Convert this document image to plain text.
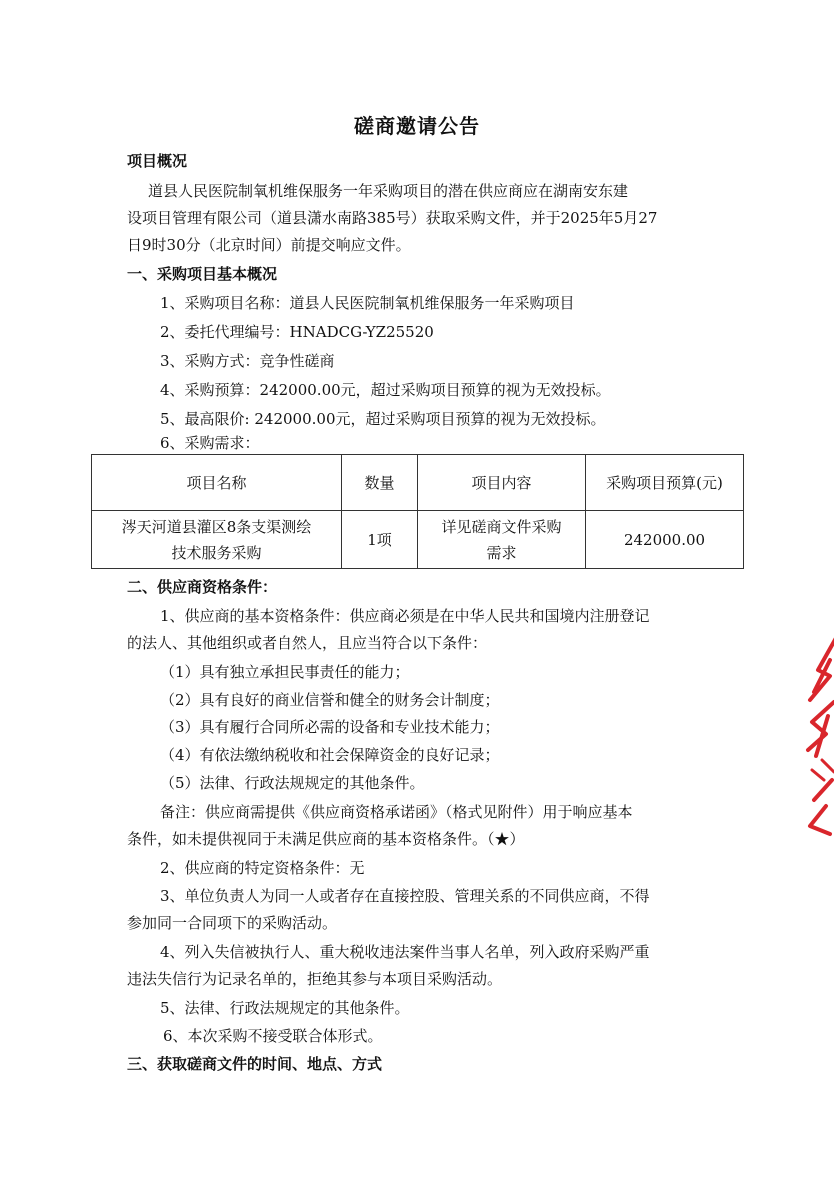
磋商邀请公告
项目概况
道县人民医院制氧机维保服务一年采购项目的潜在供应商应在湖南安东建
设项目管理有限公司（道县潇水南路385号）获取采购文件，并于2025年5月27
日9时30分（北京时间）前提交响应文件。
一、采购项目基本概况
1、采购项目名称：道县人民医院制氧机维保服务一年采购项目
2、委托代理编号：HNADCG-YZ25520
3、采购方式：竞争性磋商
4、采购预算：242000.00元，超过采购项目预算的视为无效投标。
5、最高限价: 242000.00元，超过采购项目预算的视为无效投标。
6、采购需求：
项目名称	数量	项目内容	采购项目预算(元)
涔天河道县灌区8条支渠测绘技术服务采购	1项	详见磋商文件采购需求	242000.00
二、供应商资格条件：
1、供应商的基本资格条件：供应商必须是在中华人民共和国境内注册登记
的法人、其他组织或者自然人，且应当符合以下条件：
（1）具有独立承担民事责任的能力；
（2）具有良好的商业信誉和健全的财务会计制度；
（3）具有履行合同所必需的设备和专业技术能力；
（4）有依法缴纳税收和社会保障资金的良好记录；
（5）法律、行政法规规定的其他条件。
备注：供应商需提供《供应商资格承诺函》（格式见附件）用于响应基本
条件，如未提供视同于未满足供应商的基本资格条件。（★）
2、供应商的特定资格条件：无
3、单位负责人为同一人或者存在直接控股、管理关系的不同供应商，不得
参加同一合同项下的采购活动。
4、列入失信被执行人、重大税收违法案件当事人名单，列入政府采购严重
违法失信行为记录名单的，拒绝其参与本项目采购活动。
5、法律、行政法规规定的其他条件。
6、本次采购不接受联合体形式。
三、获取磋商文件的时间、地点、方式
